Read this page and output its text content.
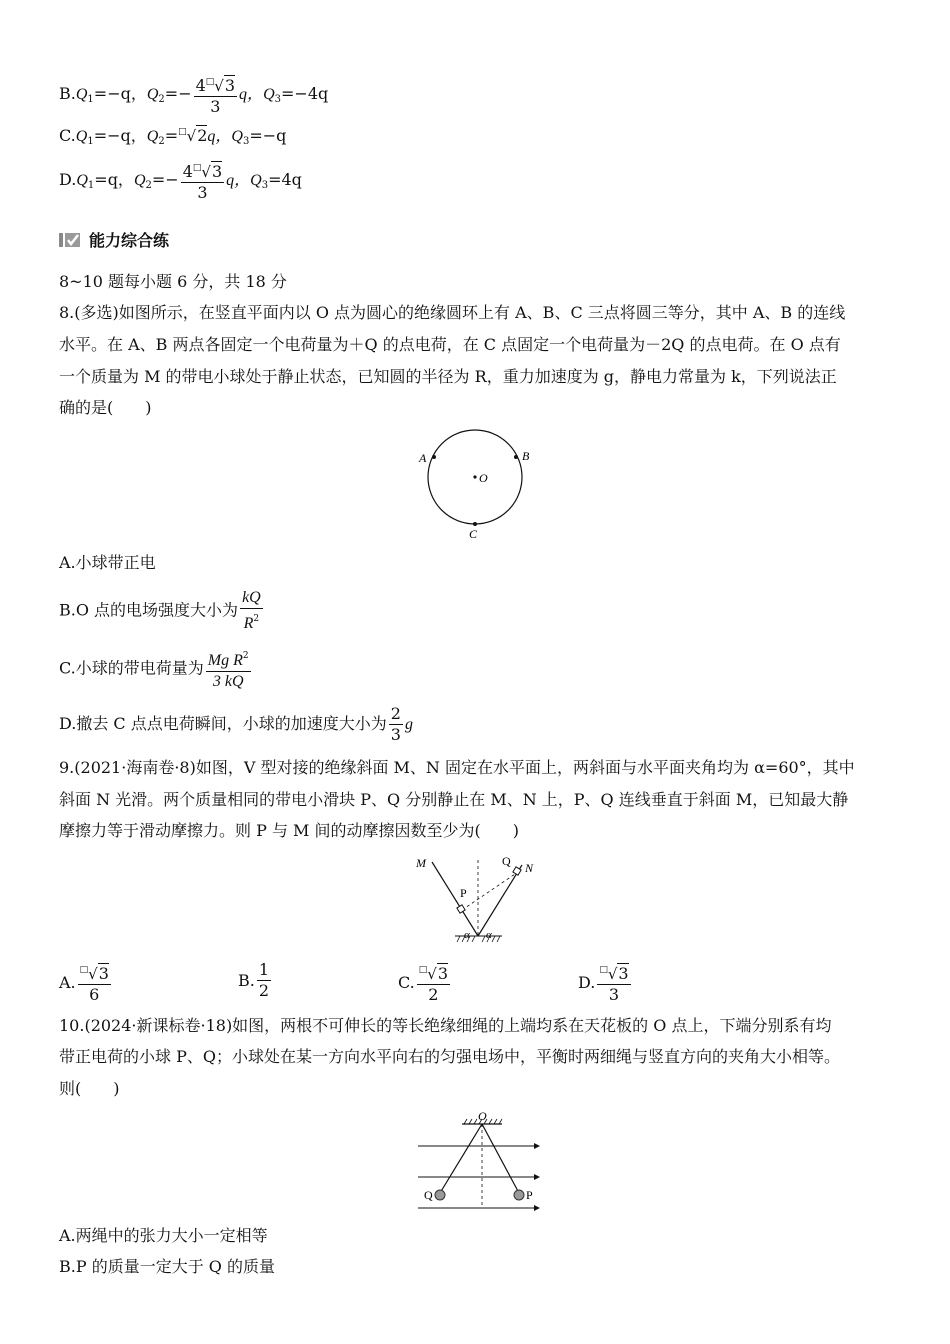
$B.Q_1=-q$，$Q_2=- \frac{4^□√3}{3}$ q，$Q_3=-4q$
$C.Q_1=-q$，$Q_2=^□√2q$，$Q_3=-q$
$D.Q_1=q$，$Q_2=- \frac{4^□√3}{3}$ q，$Q_3=4q$
能力综合练
8~10 题每小题 6 分，共 18 分
8.(多选)如图所示，在竖直平面内以 O 点为圆心的绝缘圆环上有 A、B、C 三点将圆三等分，其中 A、B 的连线
水平。在 A、B 两点各固定一个电荷量为＋Q 的点电荷，在 C 点固定一个电荷量为－2Q 的点电荷。在 O 点有
一个质量为 M 的带电小球处于静止状态，已知圆的半径为 R，重力加速度为 g，静电力常量为 k，下列说法正
确的是(　　)
A	B
C
O
A.小球带正电
B.O 点的电场强度大小为 $\frac{kQ}{R^2}$
C.小球的带电荷量为 $\frac{Mg R^2}{3 kQ}$
D.撤去 C 点点电荷瞬间，小球的加速度大小为 $\frac{2}{3}$ g
9.(2021·海南卷·8)如图，V 型对接的绝缘斜面 M、N 固定在水平面上，两斜面与水平面夹角均为 α=60°，其中
斜面 N 光滑。两个质量相同的带电小滑块 P、Q 分别静止在 M、N 上，P、Q 连线垂直于斜面 M，已知最大静
摩擦力等于滑动摩擦力。则 P 与 M 间的动摩擦因数至少为(　　)
M	N
P
Q
α α
A. $\frac{^□√3}{6}$	B. $\frac{1}{2}$	C. $\frac{^□√3}{2}$	D. $\frac{^□√3}{3}$
10.(2024·新课标卷·18)如图，两根不可伸长的等长绝缘细绳的上端均系在天花板的 O 点上，下端分别系有均
带正电荷的小球 P、Q；小球处在某一方向水平向右的匀强电场中，平衡时两细绳与竖直方向的夹角大小相等。
则(　　)
O
Q	P
A.两绳中的张力大小一定相等
B.P 的质量一定大于 Q 的质量
